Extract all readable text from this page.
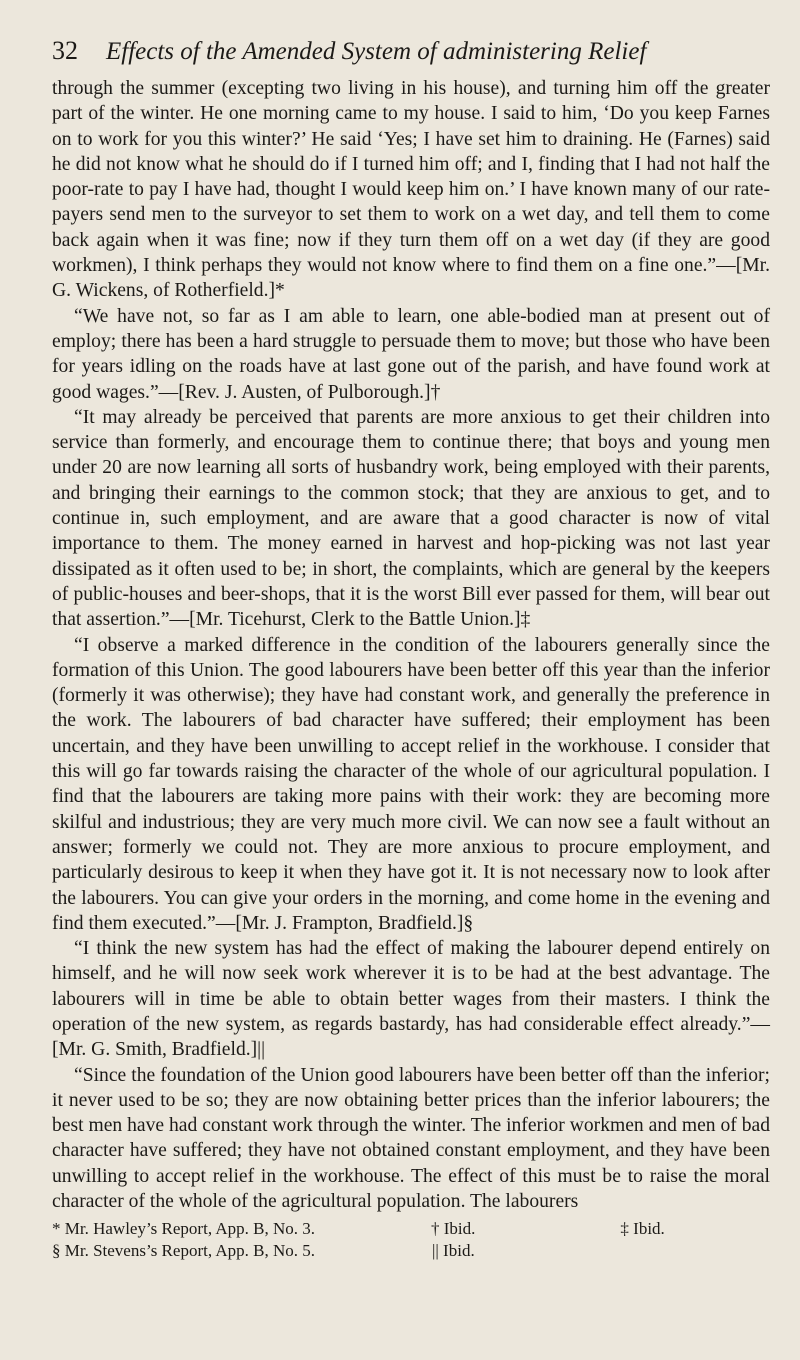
32 Effects of the Amended System of administering Relief

through the summer (excepting two living in his house), and turning him off the greater part of the winter. He one morning came to my house. I said to him, ‘Do you keep Farnes on to work for you this winter?’ He said ‘Yes; I have set him to draining. He (Farnes) said he did not know what he should do if I turned him off; and I, finding that I had not half the poor-rate to pay I have had, thought I would keep him on.’ I have known many of our rate-payers send men to the surveyor to set them to work on a wet day, and tell them to come back again when it was fine; now if they turn them off on a wet day (if they are good workmen), I think perhaps they would not know where to find them on a fine one.”—[Mr. G. Wickens, of Rotherfield.]*

“We have not, so far as I am able to learn, one able-bodied man at present out of employ; there has been a hard struggle to persuade them to move; but those who have been for years idling on the roads have at last gone out of the parish, and have found work at good wages.”—[Rev. J. Austen, of Pulborough.]†

“It may already be perceived that parents are more anxious to get their children into service than formerly, and encourage them to continue there; that boys and young men under 20 are now learning all sorts of husbandry work, being employed with their parents, and bringing their earnings to the common stock; that they are anxious to get, and to continue in, such employment, and are aware that a good character is now of vital importance to them. The money earned in harvest and hop-picking was not last year dissipated as it often used to be; in short, the complaints, which are general by the keepers of public-houses and beer-shops, that it is the worst Bill ever passed for them, will bear out that assertion.”—[Mr. Ticehurst, Clerk to the Battle Union.]‡

“I observe a marked difference in the condition of the labourers generally since the formation of this Union. The good labourers have been better off this year than the inferior (formerly it was otherwise); they have had constant work, and generally the preference in the work. The labourers of bad character have suffered; their employment has been uncertain, and they have been unwilling to accept relief in the workhouse. I consider that this will go far towards raising the character of the whole of our agricultural population. I find that the labourers are taking more pains with their work: they are becoming more skilful and industrious; they are very much more civil. We can now see a fault without an answer; formerly we could not. They are more anxious to procure employment, and particularly desirous to keep it when they have got it. It is not necessary now to look after the labourers. You can give your orders in the morning, and come home in the evening and find them executed.”—[Mr. J. Frampton, Bradfield.]§

“I think the new system has had the effect of making the labourer depend entirely on himself, and he will now seek work wherever it is to be had at the best advantage. The labourers will in time be able to obtain better wages from their masters. I think the operation of the new system, as regards bastardy, has had considerable effect already.”—[Mr. G. Smith, Bradfield.]||

“Since the foundation of the Union good labourers have been better off than the inferior; it never used to be so; they are now obtaining better prices than the inferior labourers; the best men have had constant work through the winter. The inferior workmen and men of bad character have suffered; they have not obtained constant employment, and they have been unwilling to accept relief in the workhouse. The effect of this must be to raise the moral character of the whole of the agricultural population. The labourers

* Mr. Hawley’s Report, App. B, No. 3.	† Ibid.	‡ Ibid.
§ Mr. Stevens’s Report, App. B, No. 5.	|| Ibid.
